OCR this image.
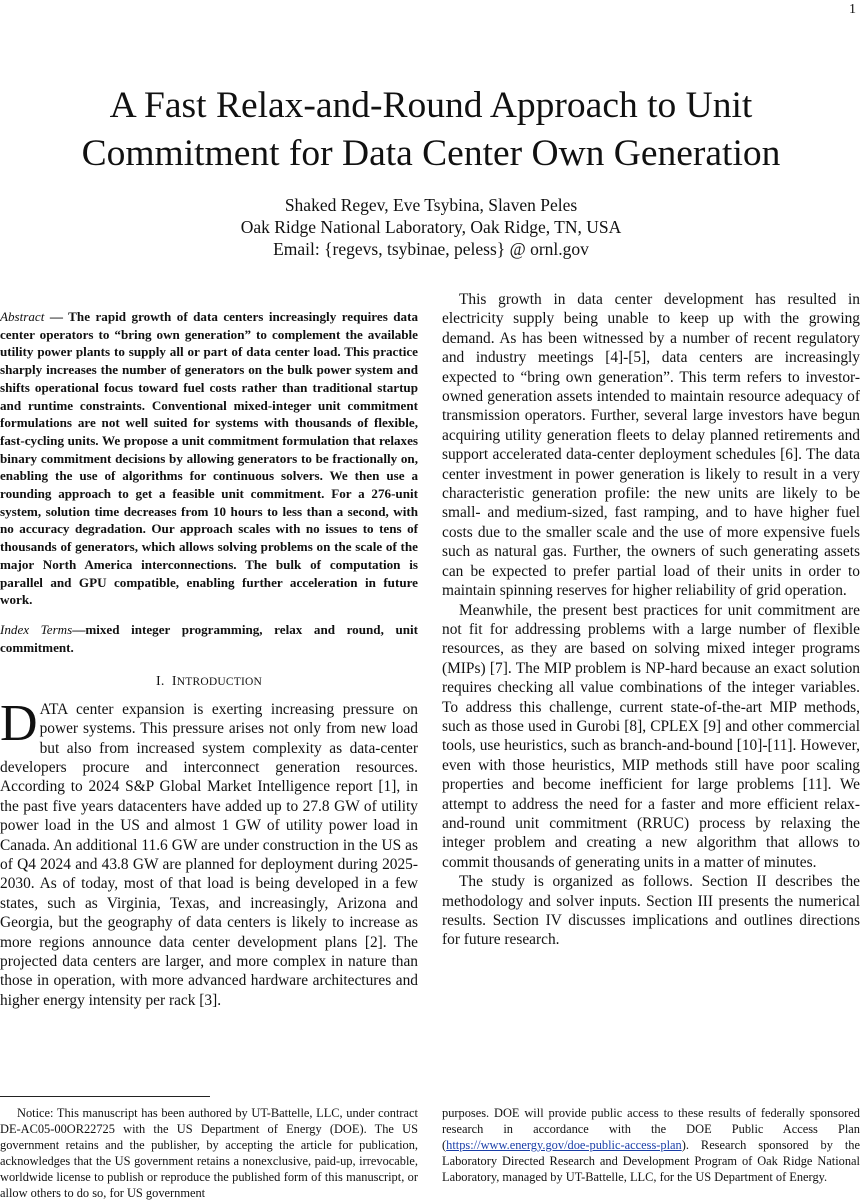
1
A Fast Relax-and-Round Approach to Unit
Commitment for Data Center Own Generation
Shaked Regev, Eve Tsybina, Slaven Peles
Oak Ridge National Laboratory, Oak Ridge, TN, USA
Email: {regevs, tsybinae, peless} @ ornl.gov

Abstract — The rapid growth of data centers increasingly requires data center operators to “bring own generation” to complement the available utility power plants to supply all or part of data center load. This practice sharply increases the number of generators on the bulk power system and shifts operational focus toward fuel costs rather than traditional startup and runtime constraints. Conventional mixed-integer unit commitment formulations are not well suited for systems with thousands of flexible, fast-cycling units. We propose a unit commitment formulation that relaxes binary commitment decisions by allowing generators to be fractionally on, enabling the use of algorithms for continuous solvers. We then use a rounding approach to get a feasible unit commitment. For a 276-unit system, solution time decreases from 10 hours to less than a second, with no accuracy degradation. Our approach scales with no issues to tens of thousands of generators, which allows solving problems on the scale of the major North America interconnections. The bulk of computation is parallel and GPU compatible, enabling further acceleration in future work.

Index Terms—mixed integer programming, relax and round, unit commitment.

I. INTRODUCTION

DATA center expansion is exerting increasing pressure on power systems. This pressure arises not only from new load but also from increased system complexity as data-center developers procure and interconnect generation resources. According to 2024 S&P Global Market Intelligence report [1], in the past five years datacenters have added up to 27.8 GW of utility power load in the US and almost 1 GW of utility power load in Canada. An additional 11.6 GW are under construction in the US as of Q4 2024 and 43.8 GW are planned for deployment during 2025-2030. As of today, most of that load is being developed in a few states, such as Virginia, Texas, and increasingly, Arizona and Georgia, but the geography of data centers is likely to increase as more regions announce data center development plans [2]. The projected data centers are larger, and more complex in nature than those in operation, with more advanced hardware architectures and higher energy intensity per rack [3].

This growth in data center development has resulted in electricity supply being unable to keep up with the growing demand. As has been witnessed by a number of recent regulatory and industry meetings [4]-[5], data centers are increasingly expected to “bring own generation”. This term refers to investor-owned generation assets intended to maintain resource adequacy of transmission operators. Further, several large investors have begun acquiring utility generation fleets to delay planned retirements and support accelerated data-center deployment schedules [6]. The data center investment in power generation is likely to result in a very characteristic generation profile: the new units are likely to be small- and medium-sized, fast ramping, and to have higher fuel costs due to the smaller scale and the use of more expensive fuels such as natural gas. Further, the owners of such generating assets can be expected to prefer partial load of their units in order to maintain spinning reserves for higher reliability of grid operation.

Meanwhile, the present best practices for unit commitment are not fit for addressing problems with a large number of flexible resources, as they are based on solving mixed integer programs (MIPs) [7]. The MIP problem is NP-hard because an exact solution requires checking all value combinations of the integer variables. To address this challenge, current state-of-the-art MIP methods, such as those used in Gurobi [8], CPLEX [9] and other commercial tools, use heuristics, such as branch-and-bound [10]-[11]. However, even with those heuristics, MIP methods still have poor scaling properties and become inefficient for large problems [11]. We attempt to address the need for a faster and more efficient relax-and-round unit commitment (RRUC) process by relaxing the integer problem and creating a new algorithm that allows to commit thousands of generating units in a matter of minutes.

The study is organized as follows. Section II describes the methodology and solver inputs. Section III presents the numerical results. Section IV discusses implications and outlines directions for future research.

Notice: This manuscript has been authored by UT-Battelle, LLC, under contract DE-AC05-00OR22725 with the US Department of Energy (DOE). The US government retains and the publisher, by accepting the article for publication, acknowledges that the US government retains a nonexclusive, paid-up, irrevocable, worldwide license to publish or reproduce the published form of this manuscript, or allow others to do so, for US government

purposes. DOE will provide public access to these results of federally sponsored research in accordance with the DOE Public Access Plan (https://www.energy.gov/doe-public-access-plan). Research sponsored by the Laboratory Directed Research and Development Program of Oak Ridge National Laboratory, managed by UT-Battelle, LLC, for the US Department of Energy.
